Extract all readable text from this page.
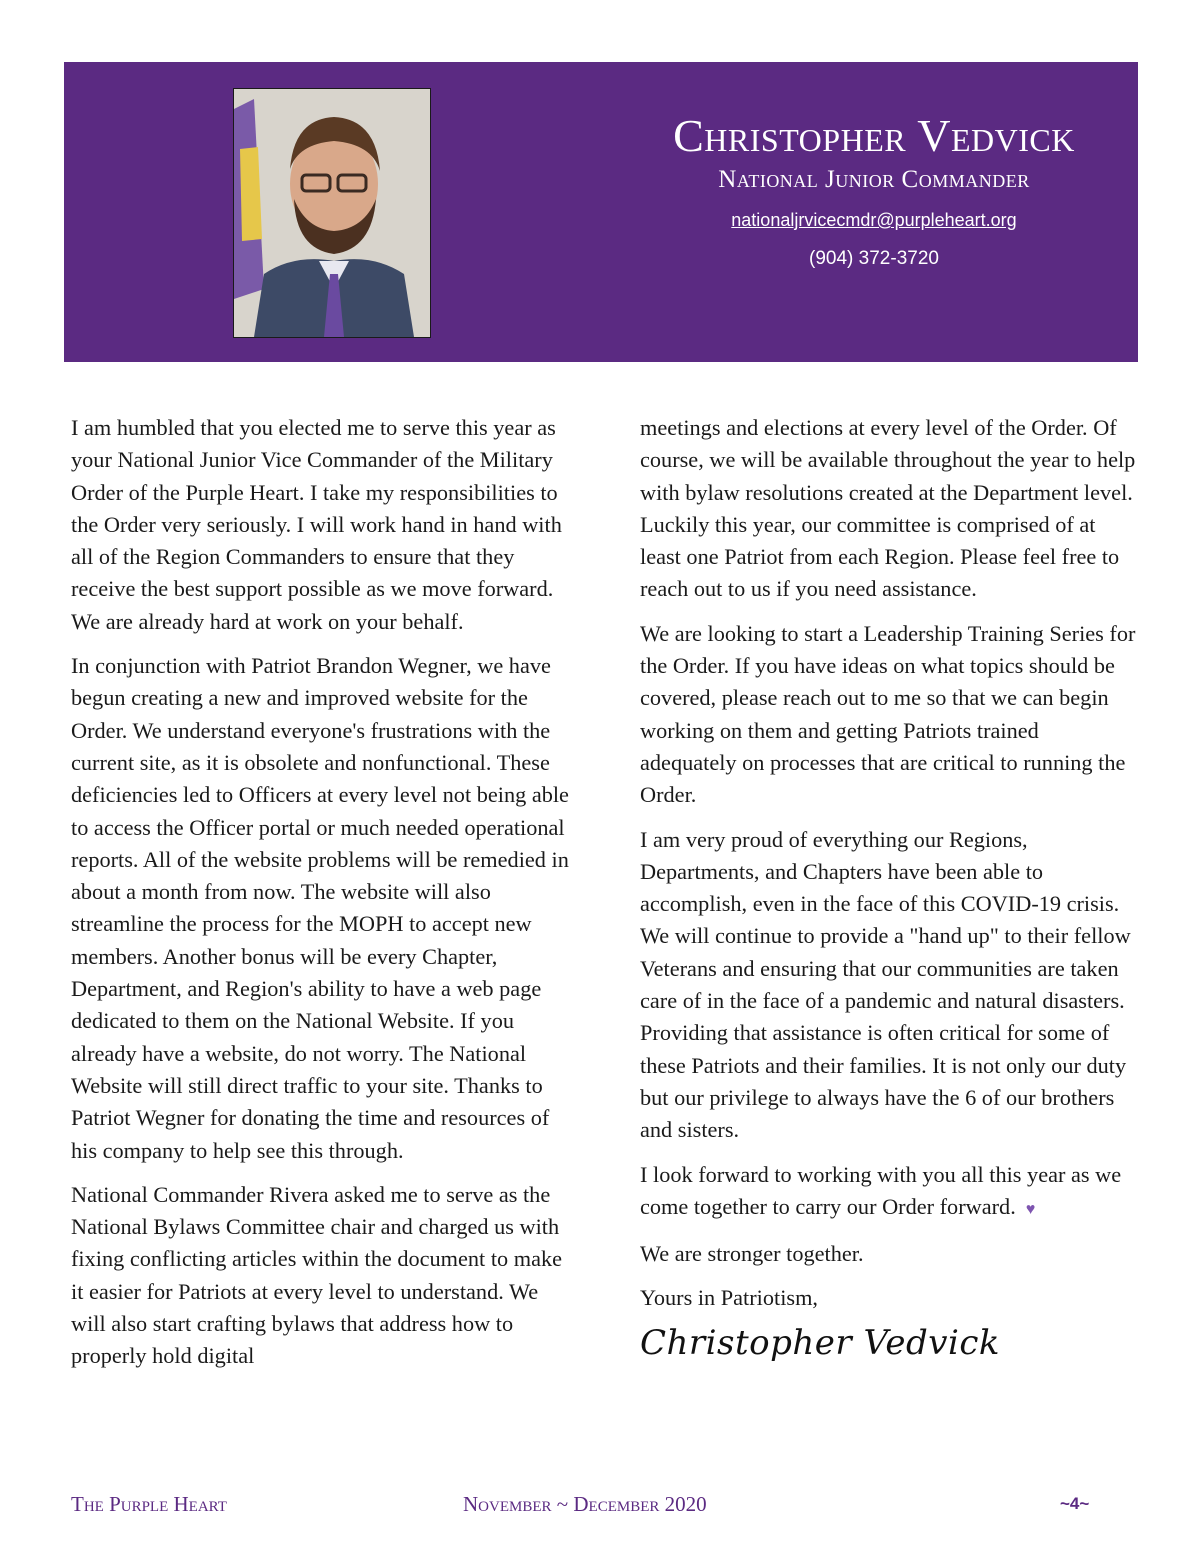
Christopher Vedvick
National Junior Commander
nationaljrvicecmdr@purpleheart.org
(904) 372-3720

I am humbled that you elected me to serve this year as your National Junior Vice Commander of the Military Order of the Purple Heart. I take my responsibilities to the Order very seriously. I will work hand in hand with all of the Region Commanders to ensure that they receive the best support possible as we move forward. We are already hard at work on your behalf.

In conjunction with Patriot Brandon Wegner, we have begun creating a new and improved website for the Order. We understand everyone's frustrations with the current site, as it is obsolete and nonfunctional. These deficiencies led to Officers at every level not being able to access the Officer portal or much needed operational reports. All of the website problems will be remedied in about a month from now. The website will also streamline the process for the MOPH to accept new members. Another bonus will be every Chapter, Department, and Region's ability to have a web page dedicated to them on the National Website. If you already have a website, do not worry. The National Website will still direct traffic to your site. Thanks to Patriot Wegner for donating the time and resources of his company to help see this through.

National Commander Rivera asked me to serve as the National Bylaws Committee chair and charged us with fixing conflicting articles within the document to make it easier for Patriots at every level to understand. We will also start crafting bylaws that address how to properly hold digital

meetings and elections at every level of the Order. Of course, we will be available throughout the year to help with bylaw resolutions created at the Department level. Luckily this year, our committee is comprised of at least one Patriot from each Region. Please feel free to reach out to us if you need assistance.

We are looking to start a Leadership Training Series for the Order. If you have ideas on what topics should be covered, please reach out to me so that we can begin working on them and getting Patriots trained adequately on processes that are critical to running the Order.

I am very proud of everything our Regions, Departments, and Chapters have been able to accomplish, even in the face of this COVID-19 crisis. We will continue to provide a "hand up" to their fellow Veterans and ensuring that our communities are taken care of in the face of a pandemic and natural disasters. Providing that assistance is often critical for some of these Patriots and their families. It is not only our duty but our privilege to always have the 6 of our brothers and sisters.

I look forward to working with you all this year as we come together to carry our Order forward. ♥

We are stronger together.

Yours in Patriotism,

Christopher Vedvick
The Purple Heart	November ~ December 2020	~4~
